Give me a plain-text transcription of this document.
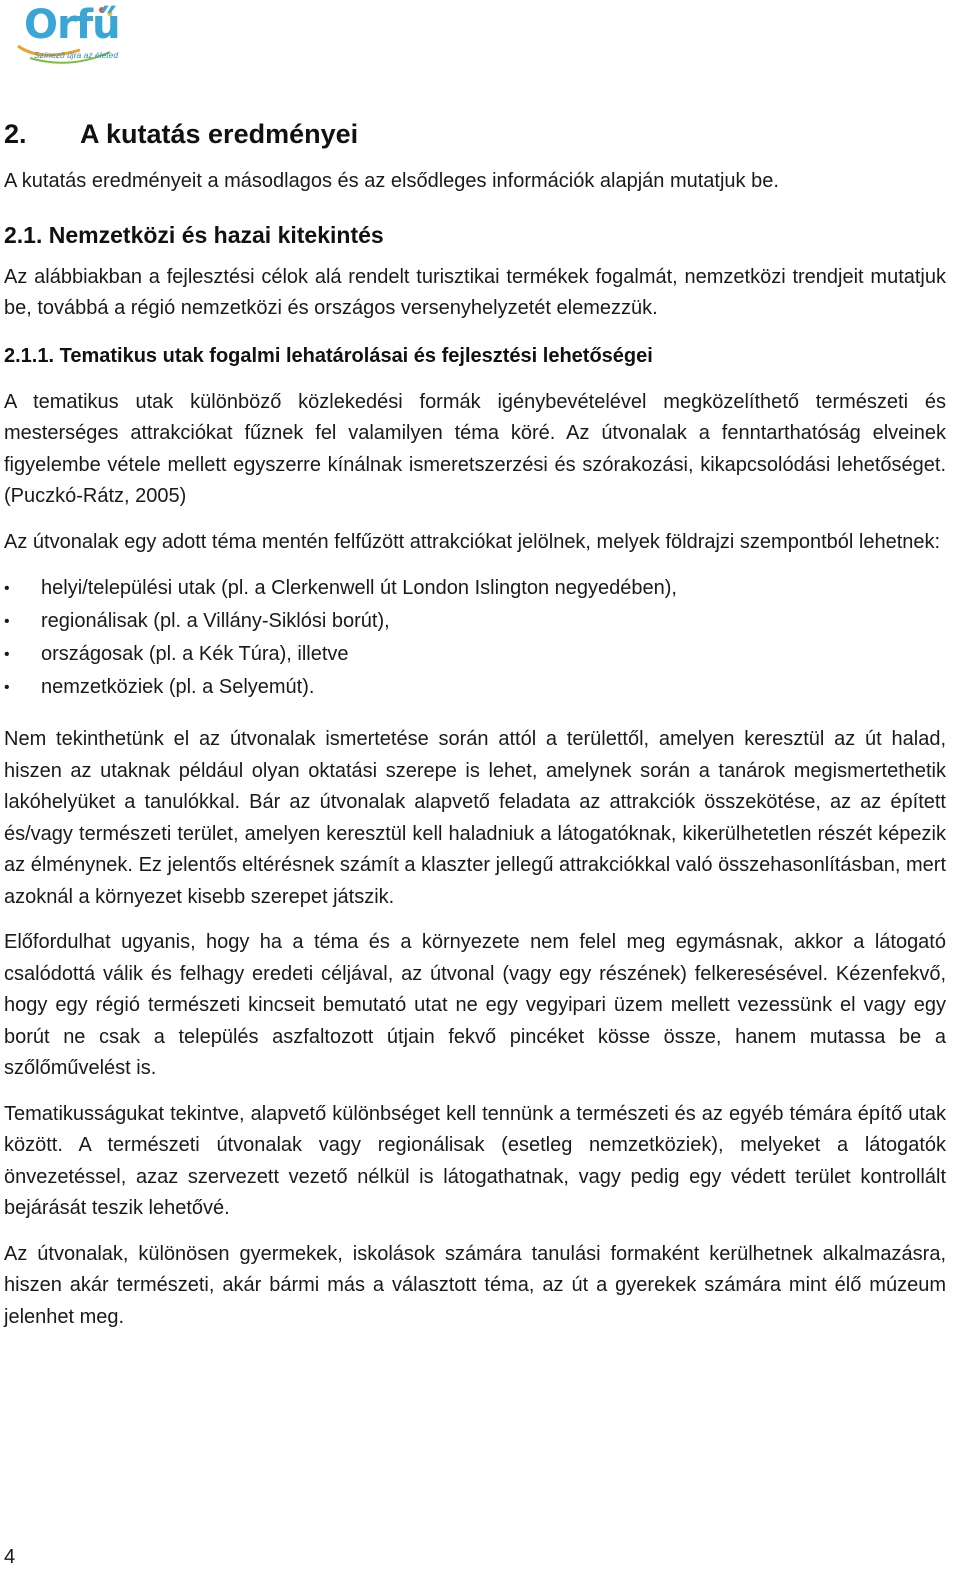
Orfű
Színező újra az életed
2. A kutatás eredményei

A kutatás eredményeit a másodlagos és az elsődleges információk alapján mutatjuk be.

2.1. Nemzetközi és hazai kitekintés

Az alábbiakban a fejlesztési célok alá rendelt turisztikai termékek fogalmát, nemzetközi trendjeit mutatjuk be, továbbá a régió nemzetközi és országos versenyhelyzetét elemezzük.

2.1.1. Tematikus utak fogalmi lehatárolásai és fejlesztési lehetőségei

A tematikus utak különböző közlekedési formák igénybevételével megközelíthető természeti és mesterséges attrakciókat fűznek fel valamilyen téma köré. Az útvonalak a fenntarthatóság elveinek figyelembe vétele mellett egyszerre kínálnak ismeretszerzési és szórakozási, kikapcsolódási lehetőséget. (Puczkó-Rátz, 2005)

Az útvonalak egy adott téma mentén felfűzött attrakciókat jelölnek, melyek földrajzi szempontból lehetnek:

•	helyi/települési utak (pl. a Clerkenwell út London Islington negyedében),
•	regionálisak (pl. a Villány-Siklósi borút),
•	országosak (pl. a Kék Túra), illetve
•	nemzetköziek (pl. a Selyemút).

Nem tekinthetünk el az útvonalak ismertetése során attól a területtől, amelyen keresztül az út halad, hiszen az utaknak például olyan oktatási szerepe is lehet, amelynek során a tanárok megismertethetik lakóhelyüket a tanulókkal. Bár az útvonalak alapvető feladata az attrakciók összekötése, az az épített és/vagy természeti terület, amelyen keresztül kell haladniuk a látogatóknak, kikerülhetetlen részét képezik az élménynek. Ez jelentős eltérésnek számít a klaszter jellegű attrakciókkal való összehasonlításban, mert azoknál a környezet kisebb szerepet játszik.

Előfordulhat ugyanis, hogy ha a téma és a környezete nem felel meg egymásnak, akkor a látogató csalódottá válik és felhagy eredeti céljával, az útvonal (vagy egy részének) felkeresésével. Kézenfekvő, hogy egy régió természeti kincseit bemutató utat ne egy vegyipari üzem mellett vezessünk el vagy egy borút ne csak a település aszfaltozott útjain fekvő pincéket kösse össze, hanem mutassa be a szőlőművelést is.

Tematikusságukat tekintve, alapvető különbséget kell tennünk a természeti és az egyéb témára építő utak között. A természeti útvonalak vagy regionálisak (esetleg nemzetköziek), melyeket a látogatók önvezetéssel, azaz szervezett vezető nélkül is látogathatnak, vagy pedig egy védett terület kontrollált bejárását teszik lehetővé.

Az útvonalak, különösen gyermekek, iskolások számára tanulási formaként kerülhetnek alkalmazásra, hiszen akár természeti, akár bármi más a választott téma, az út a gyerekek számára mint élő múzeum jelenhet meg.

4
